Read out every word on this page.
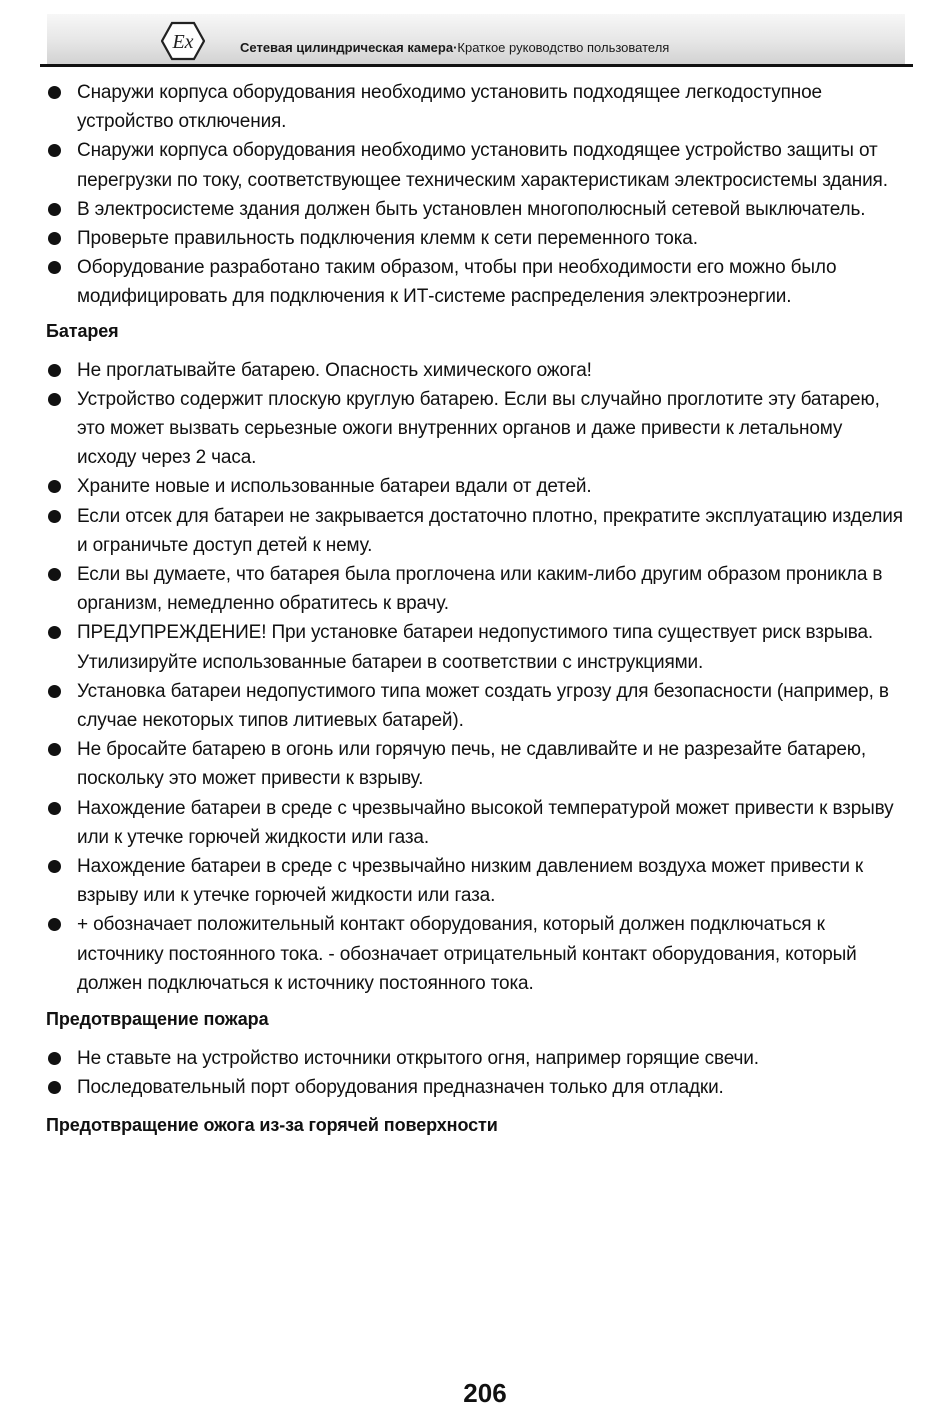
Ex	Сетевая цилиндрическая камера·Краткое руководство пользователя
Снаружи корпуса оборудования необходимо установить подходящее легкодоступное устройство отключения.
Снаружи корпуса оборудования необходимо установить подходящее устройство защиты от перегрузки по току, соответствующее техническим характеристикам электросистемы здания.
В электросистеме здания должен быть установлен многополюсный сетевой выключатель.
Проверьте правильность подключения клемм к сети переменного тока.
Оборудование разработано таким образом, чтобы при необходимости его можно было модифицировать для подключения к ИТ-системе распределения электроэнергии.
Батарея
Не проглатывайте батарею. Опасность химического ожога!
Устройство содержит плоскую круглую батарею. Если вы случайно проглотите эту батарею, это может вызвать серьезные ожоги внутренних органов и даже привести к летальному исходу через 2 часа.
Храните новые и использованные батареи вдали от детей.
Если отсек для батареи не закрывается достаточно плотно, прекратите эксплуатацию изделия и ограничьте доступ детей к нему.
Если вы думаете, что батарея была проглочена или каким-либо другим образом проникла в организм, немедленно обратитесь к врачу.
ПРЕДУПРЕЖДЕНИЕ! При установке батареи недопустимого типа существует риск взрыва. Утилизируйте использованные батареи в соответствии с инструкциями.
Установка батареи недопустимого типа может создать угрозу для безопасности (например, в случае некоторых типов литиевых батарей).
Не бросайте батарею в огонь или горячую печь, не сдавливайте и не разрезайте батарею, поскольку это может привести к взрыву.
Нахождение батареи в среде с чрезвычайно высокой температурой может привести к взрыву или к утечке горючей жидкости или газа.
Нахождение батареи в среде с чрезвычайно низким давлением воздуха может привести к взрыву или к утечке горючей жидкости или газа.
+ обозначает положительный контакт оборудования, который должен подключаться к источнику постоянного тока. - обозначает отрицательный контакт оборудования, который должен подключаться к источнику постоянного тока.
Предотвращение пожара
Не ставьте на устройство источники открытого огня, например горящие свечи.
Последовательный порт оборудования предназначен только для отладки.
Предотвращение ожога из-за горячей поверхности
206
